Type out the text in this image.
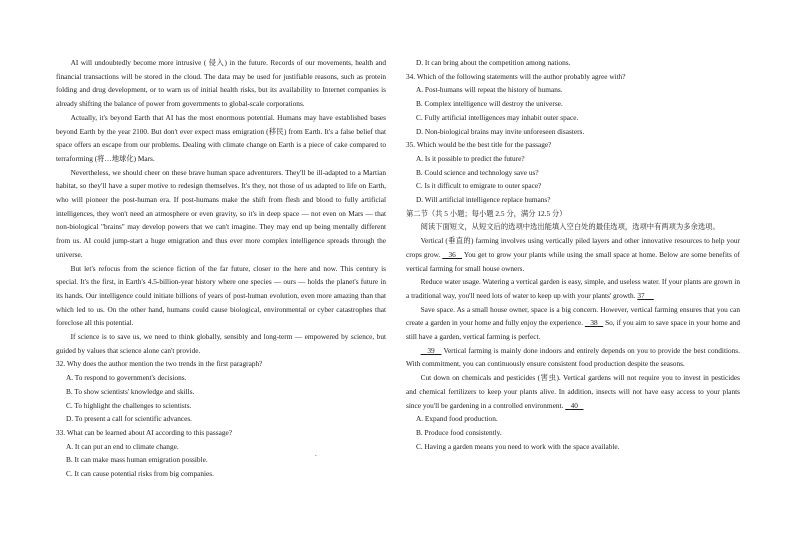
AI will undoubtedly become more intrusive ( 侵入) in the future. Records of our movements, health and financial transactions will be stored in the cloud. The data may be used for justifiable reasons, such as protein folding and drug development, or to warn us of initial health risks, but its availability to Internet companies is already shifting the balance of power from governments to global-scale corporations.

Actually, it's beyond Earth that AI has the most enormous potential. Humans may have established bases beyond Earth by the year 2100. But don't ever expect mass emigration (移民) from Earth. It's a false belief that space offers an escape from our problems. Dealing with climate change on Earth is a piece of cake compared to terraforming (将…地球化) Mars.

Nevertheless, we should cheer on these brave human space adventurers. They'll be ill-adapted to a Martian habitat, so they'll have a super motive to redesign themselves. It's they, not those of us adapted to life on Earth, who will pioneer the post-human era. If post-humans make the shift from flesh and blood to fully artificial intelligences, they won't need an atmosphere or even gravity, so it's in deep space — not even on Mars — that non-biological "brains" may develop powers that we can't imagine. They may end up being mentally different from us. AI could jump-start a huge emigration and thus ever more complex intelligence spreads through the universe.

But let's refocus from the science fiction of the far future, closer to the here and now. This century is special. It's the first, in Earth's 4.5-billion-year history where one species — ours — holds the planet's future in its hands. Our intelligence could initiate billions of years of post-human evolution, even more amazing than that which led to us. On the other hand, humans could cause biological, environmental or cyber catastrophes that foreclose all this potential.

If science is to save us, we need to think globally, sensibly and long-term — empowered by science, but guided by values that science alone can't provide.

32. Why does the author mention the two trends in the first paragraph?

A. To respond to government's decisions.

B. To show scientists' knowledge and skills.

C. To highlight the challenges to scientists.

D. To present a call for scientific advances.

33. What can be learned about AI according to this passage?

A. It can put an end to climate change.

B. It can make mass human emigration possible.

C. It can cause potential risks from big companies.

.

D. It can bring about the competition among nations.

34. Which of the following statements will the author probably agree with?

A. Post-humans will repeat the history of humans.

B. Complex intelligence will destroy the universe.

C. Fully artificial intelligences may inhabit outer space.

D. Non-biological brains may invite unforeseen disasters.

35. Which would be the best title for the passage?

A. Is it possible to predict the future?

B. Could science and technology save us?

C. Is it difficult to emigrate to outer space?

D. Will artificial intelligence replace humans?

第二节（共 5 小题；每小题 2.5 分，满分 12.5 分）

阅读下面短文，从短文后的选项中选出能填入空白处的最佳选项，选项中有两项为多余选项。

Vertical (垂直的) farming involves using vertically piled layers and other innovative resources to help your crops grow. 36 You get to grow your plants while using the small space at home. Below are some benefits of vertical farming for small house owners.

Reduce water usage. Watering a vertical garden is easy, simple, and useless water. If your plants are grown in a traditional way, you'll need lots of water to keep up with your plants' growth. 37

Save space. As a small house owner, space is a big concern. However, vertical farming ensures that you can create a garden in your home and fully enjoy the experience. 38 So, if you aim to save space in your home and still have a garden, vertical farming is perfect.

39 Vertical farming is mainly done indoors and entirely depends on you to provide the best conditions. With commitment, you can continuously ensure consistent food production despite the seasons.

Cut down on chemicals and pesticides (害虫). Vertical gardens will not require you to invest in pesticides and chemical fertilizers to keep your plants alive. In addition, insects will not have easy access to your plants since you'll be gardening in a controlled environment. 40

A. Expand food production.

B. Produce food consistently.

C. Having a garden means you need to work with the space available.
